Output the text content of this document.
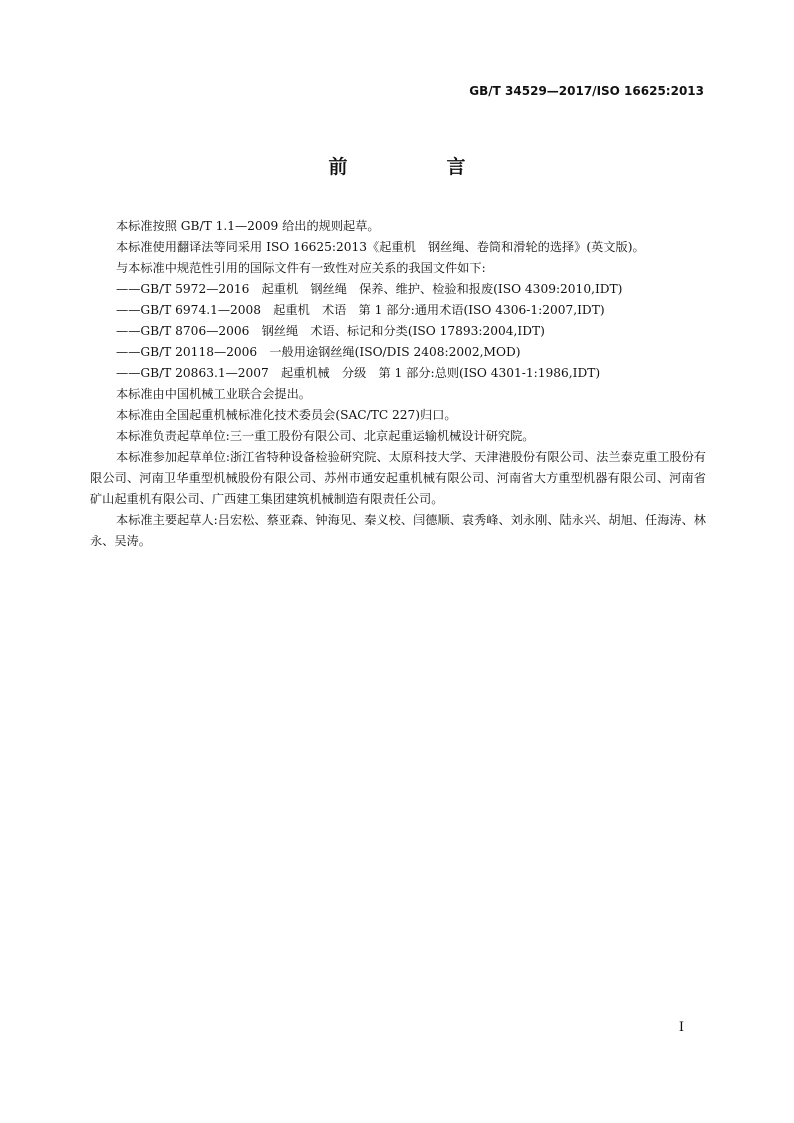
GB/T 34529—2017/ISO 16625:2013
前　言

本标准按照 GB/T 1.1—2009 给出的规则起草。

本标准使用翻译法等同采用 ISO 16625:2013《起重机　钢丝绳、卷筒和滑轮的选择》(英文版)。

与本标准中规范性引用的国际文件有一致性对应关系的我国文件如下:

——GB/T 5972—2016　起重机　钢丝绳　保养、维护、检验和报废(ISO 4309:2010,IDT)

——GB/T 6974.1—2008　起重机　术语　第 1 部分:通用术语(ISO 4306-1:2007,IDT)

——GB/T 8706—2006　钢丝绳　术语、标记和分类(ISO 17893:2004,IDT)

——GB/T 20118—2006　一般用途钢丝绳(ISO/DIS 2408:2002,MOD)

——GB/T 20863.1—2007　起重机械　分级　第 1 部分:总则(ISO 4301-1:1986,IDT)

本标准由中国机械工业联合会提出。

本标准由全国起重机械标准化技术委员会(SAC/TC 227)归口。

本标准负责起草单位:三一重工股份有限公司、北京起重运输机械设计研究院。

本标准参加起草单位:浙江省特种设备检验研究院、太原科技大学、天津港股份有限公司、法兰泰克重工股份有限公司、河南卫华重型机械股份有限公司、苏州市通安起重机械有限公司、河南省大方重型机器有限公司、河南省矿山起重机有限公司、广西建工集团建筑机械制造有限责任公司。

本标准主要起草人:吕宏松、蔡亚森、钟海见、秦义校、闫德顺、袁秀峰、刘永刚、陆永兴、胡旭、任海涛、林永、吴涛。

I
